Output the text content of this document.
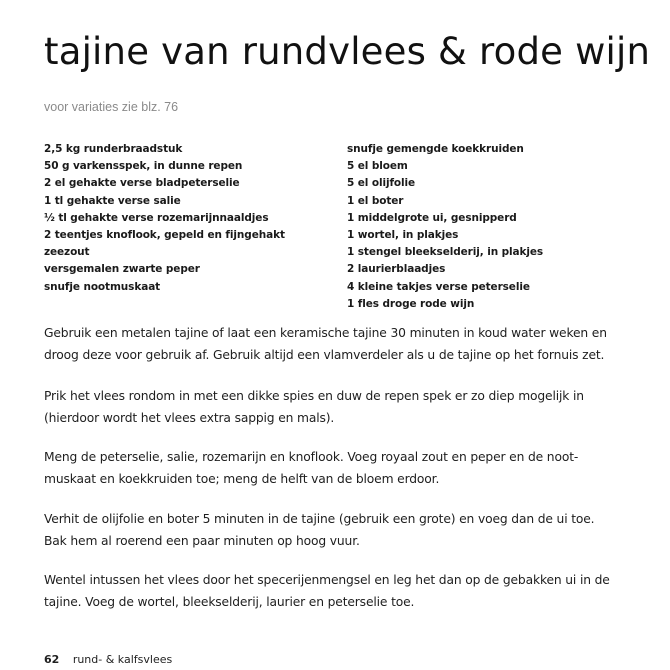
tajine van rundvlees & rode wijn
voor variaties zie blz. 76
2,5 kg runderbraadstuk
50 g varkensspek, in dunne repen
2 el gehakte verse bladpeterselie
1 tl gehakte verse salie
½ tl gehakte verse rozemarijnnaaldjes
2 teentjes knoflook, gepeld en fijngehakt
zeezout
versgemalen zwarte peper
snufje nootmuskaat
snufje gemengde koekkruiden
5 el bloem
5 el olijfolie
1 el boter
1 middelgrote ui, gesnipperd
1 wortel, in plakjes
1 stengel bleekselderij, in plakjes
2 laurierblaadjes
4 kleine takjes verse peterselie
1 fles droge rode wijn

Gebruik een metalen tajine of laat een keramische tajine 30 minuten in koud water weken en
droog deze voor gebruik af. Gebruik altijd een vlamverdeler als u de tajine op het fornuis zet.

Prik het vlees rondom in met een dikke spies en duw de repen spek er zo diep mogelijk in
(hierdoor wordt het vlees extra sappig en mals).

Meng de peterselie, salie, rozemarijn en knoflook. Voeg royaal zout en peper en de noot-
muskaat en koekkruiden toe; meng de helft van de bloem erdoor.

Verhit de olijfolie en boter 5 minuten in de tajine (gebruik een grote) en voeg dan de ui toe.
Bak hem al roerend een paar minuten op hoog vuur.

Wentel intussen het vlees door het specerijenmengsel en leg het dan op de gebakken ui in de
tajine. Voeg de wortel, bleekselderij, laurier en peterselie toe.

62 rund- & kalfsvlees
